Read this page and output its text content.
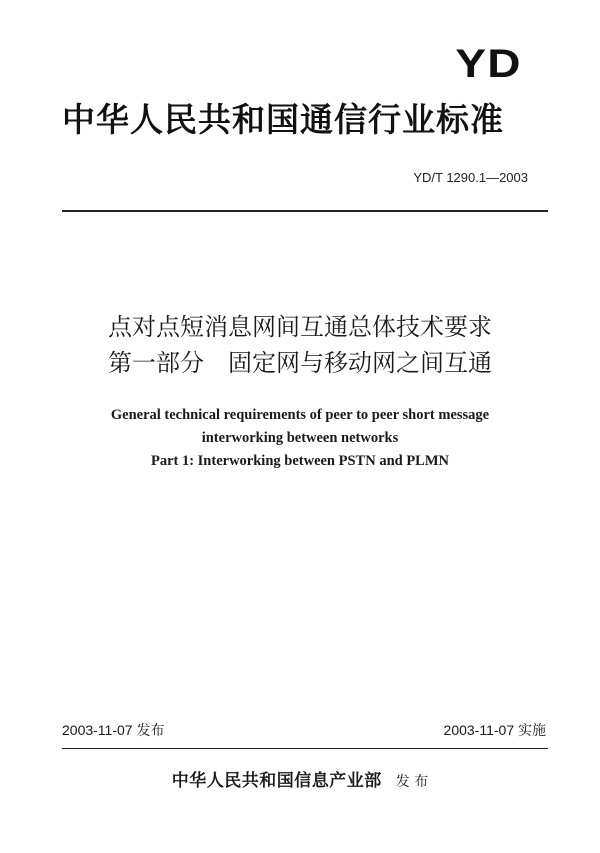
YD
中华人民共和国通信行业标准
YD/T 1290.1—2003
点对点短消息网间互通总体技术要求
第一部分　固定网与移动网之间互通
General technical requirements of peer to peer short message
interworking between networks
Part 1: Interworking between PSTN and PLMN
2003-11-07 发布	2003-11-07 实施
中华人民共和国信息产业部 发 布
